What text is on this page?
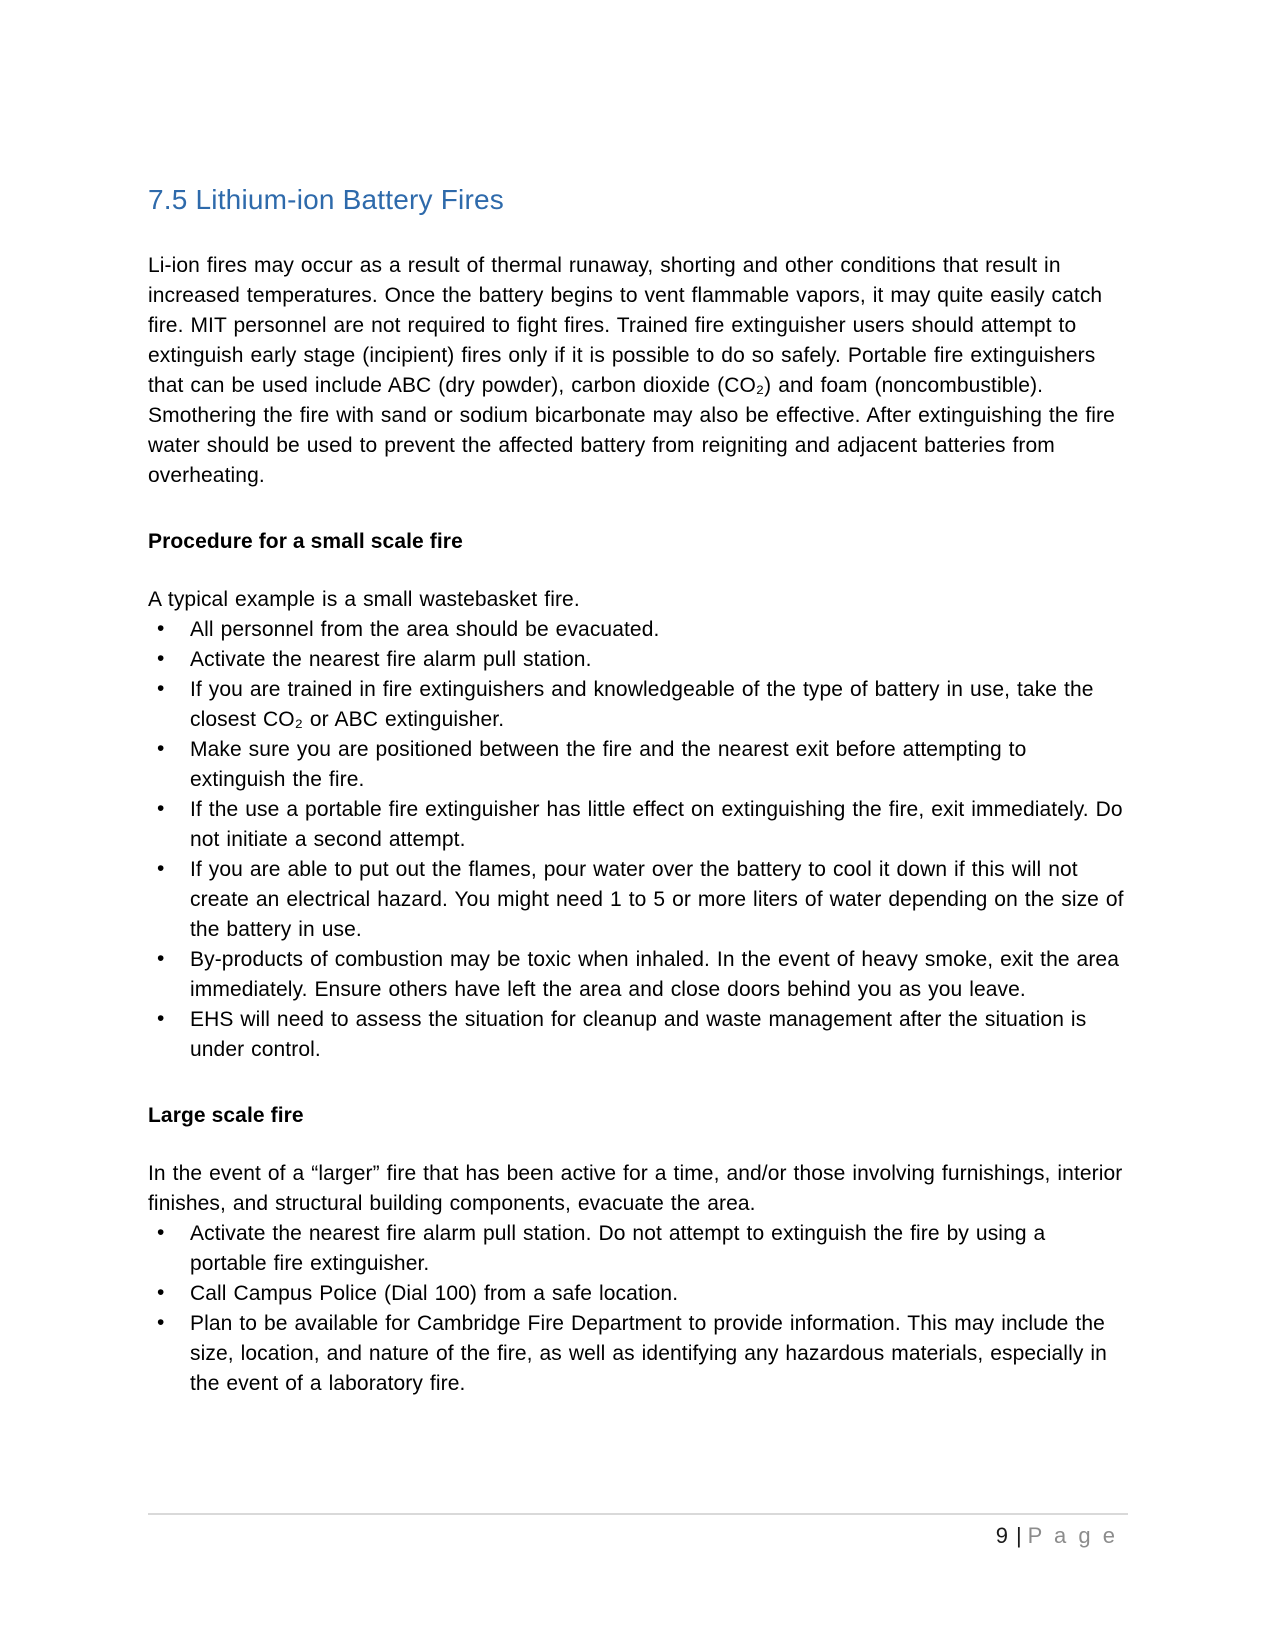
7.5 Lithium-ion Battery Fires

Li-ion fires may occur as a result of thermal runaway, shorting and other conditions that result in increased temperatures. Once the battery begins to vent flammable vapors, it may quite easily catch fire. MIT personnel are not required to fight fires. Trained fire extinguisher users should attempt to extinguish early stage (incipient) fires only if it is possible to do so safely. Portable fire extinguishers that can be used include ABC (dry powder), carbon dioxide (CO₂) and foam (noncombustible). Smothering the fire with sand or sodium bicarbonate may also be effective. After extinguishing the fire water should be used to prevent the affected battery from reigniting and adjacent batteries from overheating.

Procedure for a small scale fire

A typical example is a small wastebasket fire.

• All personnel from the area should be evacuated.
• Activate the nearest fire alarm pull station.
• If you are trained in fire extinguishers and knowledgeable of the type of battery in use, take the closest CO₂ or ABC extinguisher.
• Make sure you are positioned between the fire and the nearest exit before attempting to extinguish the fire.
• If the use a portable fire extinguisher has little effect on extinguishing the fire, exit immediately. Do not initiate a second attempt.
• If you are able to put out the flames, pour water over the battery to cool it down if this will not create an electrical hazard. You might need 1 to 5 or more liters of water depending on the size of the battery in use.
• By-products of combustion may be toxic when inhaled. In the event of heavy smoke, exit the area immediately. Ensure others have left the area and close doors behind you as you leave.
• EHS will need to assess the situation for cleanup and waste management after the situation is under control.
Large scale fire

In the event of a “larger” fire that has been active for a time, and/or those involving furnishings, interior finishes, and structural building components, evacuate the area.

• Activate the nearest fire alarm pull station. Do not attempt to extinguish the fire by using a portable fire extinguisher.
• Call Campus Police (Dial 100) from a safe location.
• Plan to be available for Cambridge Fire Department to provide information. This may include the size, location, and nature of the fire, as well as identifying any hazardous materials, especially in the event of a laboratory fire.
9 | P a g e
